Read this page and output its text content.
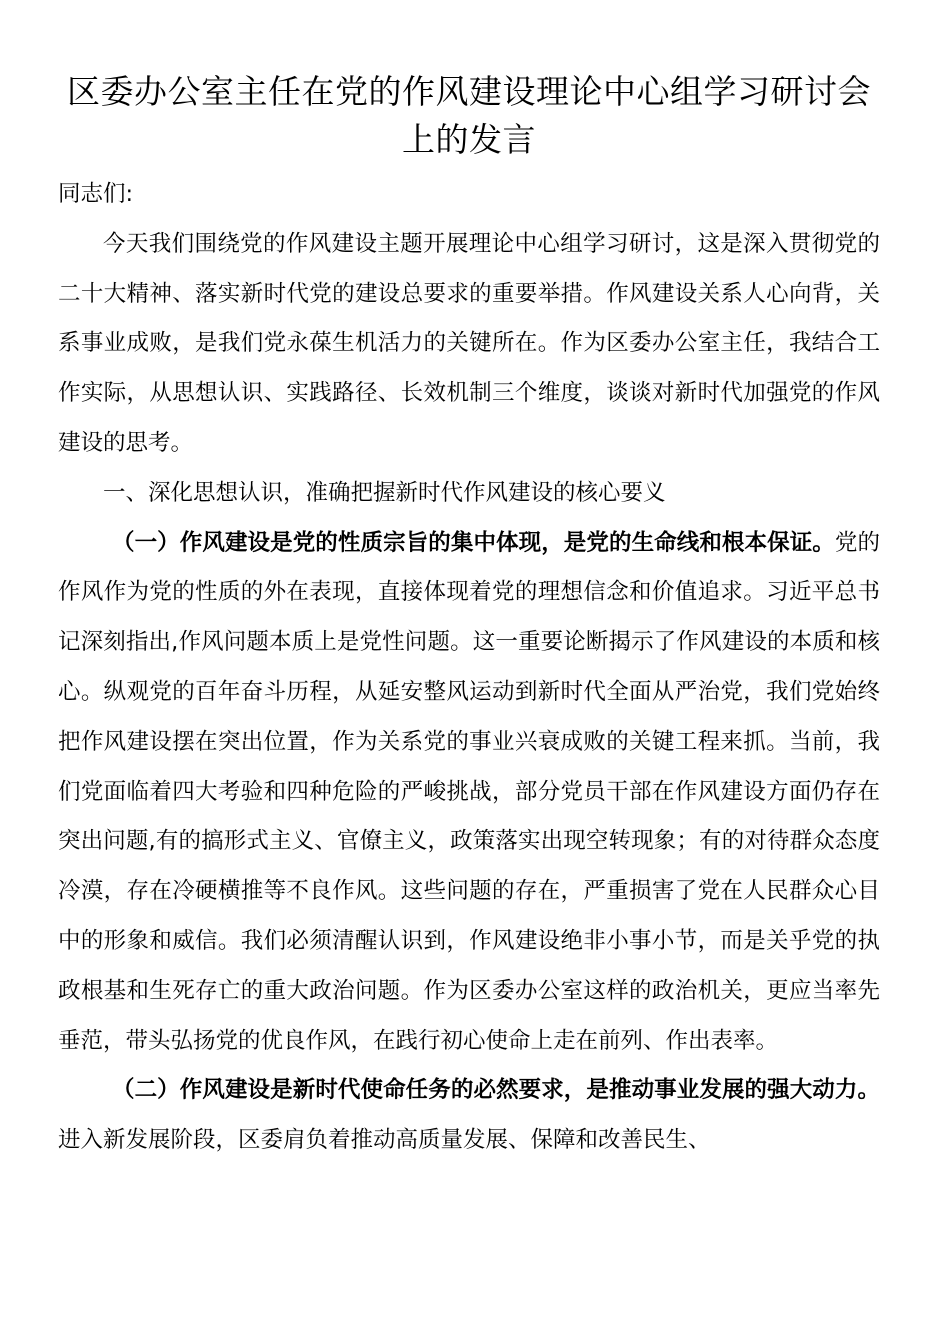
区委办公室主任在党的作风建设理论中心组学习研讨会上的发言

同志们:

今天我们围绕党的作风建设主题开展理论中心组学习研讨，这是深入贯彻党的二十大精神、落实新时代党的建设总要求的重要举措。作风建设关系人心向背，关系事业成败，是我们党永葆生机活力的关键所在。作为区委办公室主任，我结合工作实际，从思想认识、实践路径、长效机制三个维度，谈谈对新时代加强党的作风建设的思考。

一、深化思想认识，准确把握新时代作风建设的核心要义

（一）作风建设是党的性质宗旨的集中体现，是党的生命线和根本保证。党的作风作为党的性质的外在表现，直接体现着党的理想信念和价值追求。习近平总书记深刻指出,作风问题本质上是党性问题。这一重要论断揭示了作风建设的本质和核心。纵观党的百年奋斗历程，从延安整风运动到新时代全面从严治党，我们党始终把作风建设摆在突出位置，作为关系党的事业兴衰成败的关键工程来抓。当前，我们党面临着四大考验和四种危险的严峻挑战，部分党员干部在作风建设方面仍存在突出问题,有的搞形式主义、官僚主义，政策落实出现空转现象；有的对待群众态度冷漠，存在冷硬横推等不良作风。这些问题的存在，严重损害了党在人民群众心目中的形象和威信。我们必须清醒认识到，作风建设绝非小事小节，而是关乎党的执政根基和生死存亡的重大政治问题。作为区委办公室这样的政治机关，更应当率先垂范，带头弘扬党的优良作风，在践行初心使命上走在前列、作出表率。

（二）作风建设是新时代使命任务的必然要求，是推动事业发展的强大动力。进入新发展阶段，区委肩负着推动高质量发展、保障和改善民生、
